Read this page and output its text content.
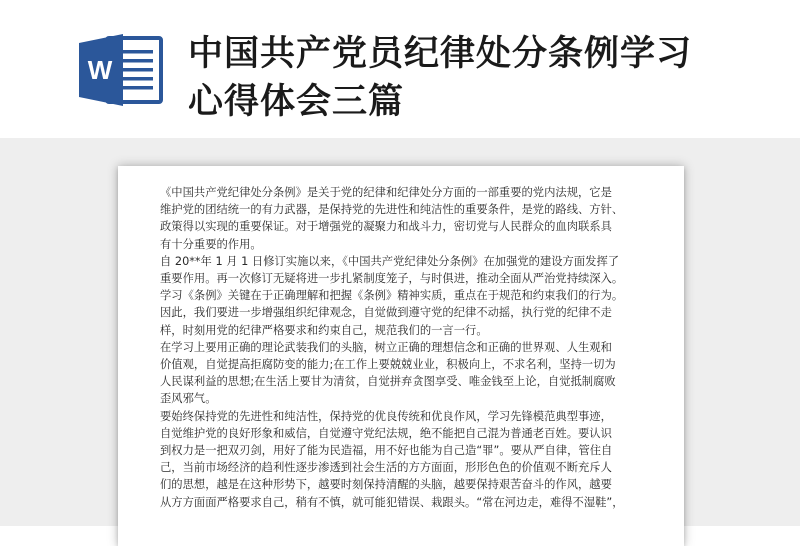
W 中国共产党员纪律处分条例学习
心得体会三篇
《中国共产党纪律处分条例》是关于党的纪律和纪律处分方面的一部重要的党内法规，它是
维护党的团结统一的有力武器，是保持党的先进性和纯洁性的重要条件，是党的路线、方针、
政策得以实现的重要保证。对于增强党的凝聚力和战斗力，密切党与人民群众的血肉联系具
有十分重要的作用。
自 20**年 1 月 1 日修订实施以来，《中国共产党纪律处分条例》在加强党的建设方面发挥了
重要作用。再一次修订无疑将进一步扎紧制度笼子，与时俱进，推动全面从严治党持续深入。
学习《条例》关键在于正确理解和把握《条例》精神实质，重点在于规范和约束我们的行为。
因此，我们要进一步增强组织纪律观念，自觉做到遵守党的纪律不动摇，执行党的纪律不走
样，时刻用党的纪律严格要求和约束自己，规范我们的一言一行。
在学习上要用正确的理论武装我们的头脑，树立正确的理想信念和正确的世界观、人生观和
价值观，自觉提高拒腐防变的能力;在工作上要兢兢业业，积极向上，不求名利，坚持一切为
人民谋利益的思想;在生活上要甘为清贫，自觉拼弃贪图享受、唯金钱至上论，自觉抵制腐败
歪风邪气。
要始终保持党的先进性和纯洁性，保持党的优良传统和优良作风，学习先锋模范典型事迹，
自觉维护党的良好形象和威信，自觉遵守党纪法规，绝不能把自己混为普通老百姓。要认识
到权力是一把双刃剑，用好了能为民造福，用不好也能为自己造“罪”。要从严自律，管住自
己，当前市场经济的趋利性逐步渗透到社会生活的方方面面，形形色色的价值观不断充斥人
们的思想，越是在这种形势下，越要时刻保持清醒的头脑，越要保持艰苦奋斗的作风，越要
从方方面面严格要求自己，稍有不慎，就可能犯错误、栽跟头。“常在河边走，难得不湿鞋”，
